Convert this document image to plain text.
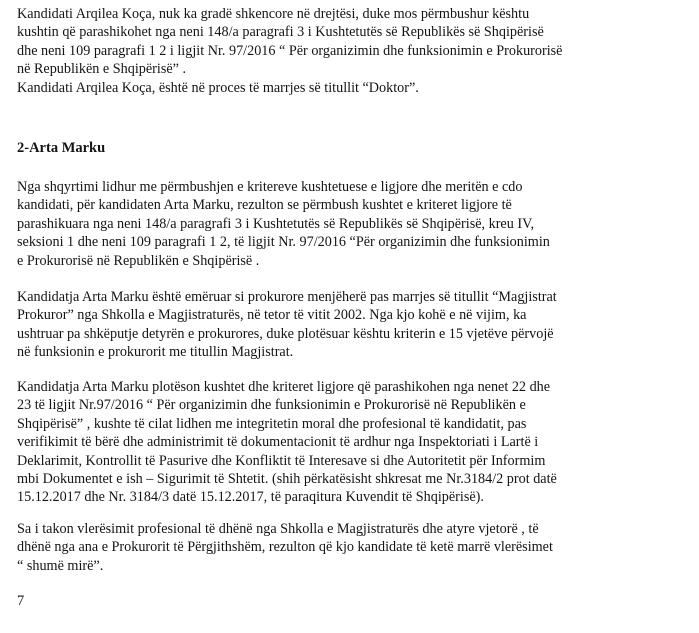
Kandidati Arqilea Koça, nuk ka gradë shkencore në drejtësi, duke mos përmbushur kështu
kushtin që parashikohet nga neni 148/a paragrafi 3 i Kushtetutës së Republikës së Shqipërisë
dhe neni 109 paragrafi 1 2 i ligjit Nr. 97/2016 “ Për organizimin dhe funksionimin e Prokurorisë
në Republikën e Shqipërisë” .
Kandidati Arqilea Koça, është në proces të marrjes së titullit “Doktor”.

2-Arta Marku

Nga shqyrtimi lidhur me përmbushjen e kritereve kushtetuese e ligjore dhe meritën e cdo
kandidati, për kandidaten Arta Marku, rezulton se përmbush kushtet e kriteret ligjore të
parashikuara nga neni 148/a paragrafi 3 i Kushtetutës së Republikës së Shqipërisë, kreu IV,
seksioni 1 dhe neni 109 paragrafi 1 2, të ligjit Nr. 97/2016 “Për organizimin dhe funksionimin
e Prokurorisë në Republikën e Shqipërisë .

Kandidatja Arta Marku është emëruar si prokurore menjëherë pas marrjes së titullit “Magjistrat
Prokuror” nga Shkolla e Magjistraturës, në tetor të vitit 2002. Nga kjo kohë e në vijim, ka
ushtruar pa shkëputje detyrën e prokurores, duke plotësuar kështu kriterin e 15 vjetëve përvojë
në funksionin e prokurorit me titullin Magjistrat.

Kandidatja Arta Marku plotëson kushtet dhe kriteret ligjore që parashikohen nga nenet 22 dhe
23 të ligjit Nr.97/2016 “ Për organizimin dhe funksionimin e Prokurorisë në Republikën e
Shqipërisë” , kushte të cilat lidhen me integritetin moral dhe profesional të kandidatit, pas
verifikimit të bërë dhe administrimit të dokumentacionit të ardhur nga Inspektoriati i Lartë i
Deklarimit, Kontrollit të Pasurive dhe Konfliktit të Interesave si dhe Autoritetit për Informim
mbi Dokumentet e ish – Sigurimit të Shtetit. (shih përkatësisht shkresat me Nr.3184/2 prot datë
15.12.2017 dhe Nr. 3184/3 datë 15.12.2017, të paraqitura Kuvendit të Shqipërisë).

Sa i takon vlerësimit profesional të dhënë nga Shkolla e Magjistraturës dhe atyre vjetorë , të
dhënë nga ana e Prokurorit të Përgjithshëm, rezulton që kjo kandidate të ketë marrë vlerësimet
“ shumë mirë”.

7
